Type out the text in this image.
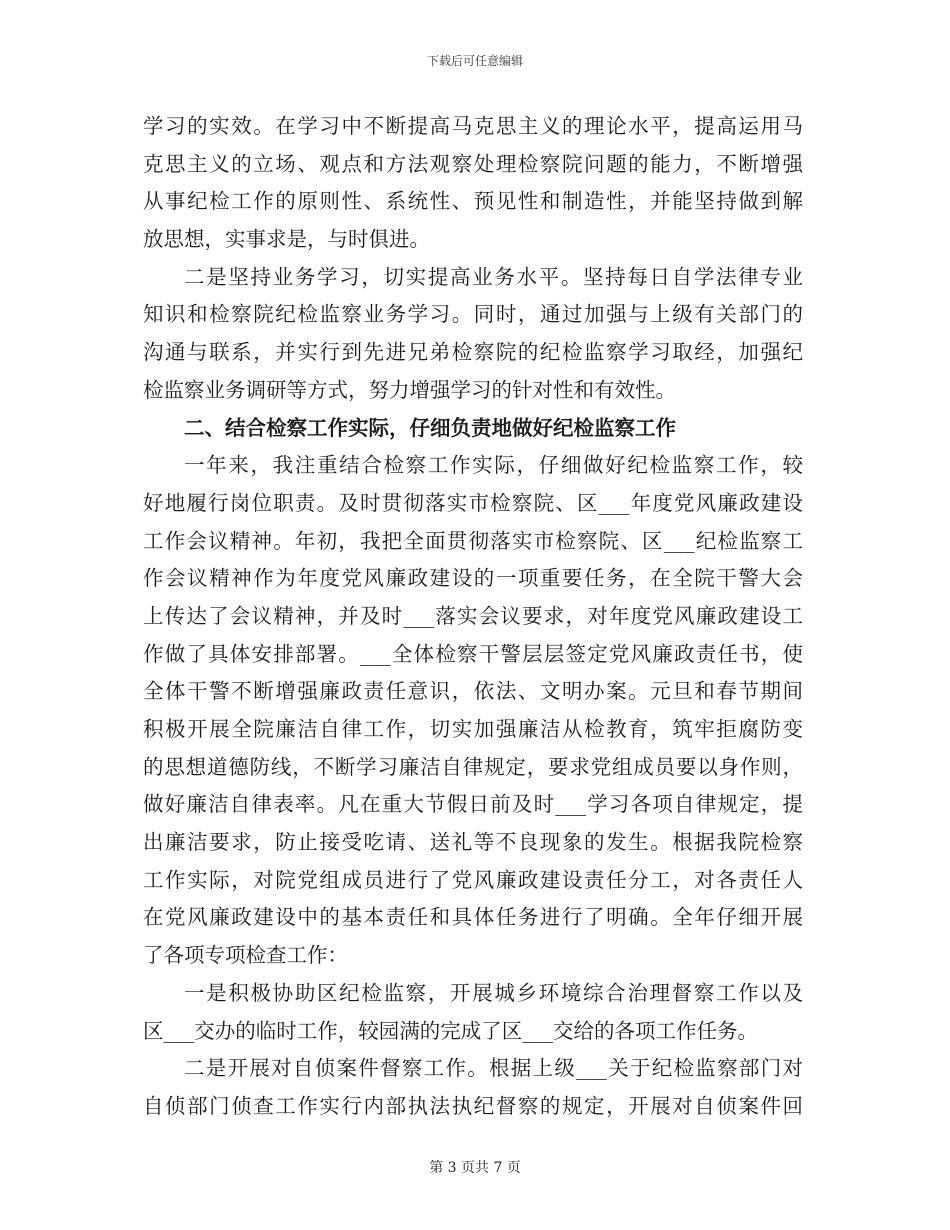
下载后可任意编辑
学习的实效。在学习中不断提高马克思主义的理论水平，提高运用马
克思主义的立场、观点和方法观察处理检察院问题的能力，不断增强
从事纪检工作的原则性、系统性、预见性和制造性，并能坚持做到解
放思想，实事求是，与时俱进。
二是坚持业务学习，切实提高业务水平。坚持每日自学法律专业
知识和检察院纪检监察业务学习。同时，通过加强与上级有关部门的
沟通与联系，并实行到先进兄弟检察院的纪检监察学习取经，加强纪
检监察业务调研等方式，努力增强学习的针对性和有效性。
二、结合检察工作实际，仔细负责地做好纪检监察工作
一年来，我注重结合检察工作实际，仔细做好纪检监察工作，较
好地履行岗位职责。及时贯彻落实市检察院、区___年度党风廉政建设
工作会议精神。年初，我把全面贯彻落实市检察院、区___纪检监察工
作会议精神作为年度党风廉政建设的一项重要任务，在全院干警大会
上传达了会议精神，并及时___落实会议要求，对年度党风廉政建设工
作做了具体安排部署。___全体检察干警层层签定党风廉政责任书，使
全体干警不断增强廉政责任意识，依法、文明办案。元旦和春节期间
积极开展全院廉洁自律工作，切实加强廉洁从检教育，筑牢拒腐防变
的思想道德防线，不断学习廉洁自律规定，要求党组成员要以身作则，
做好廉洁自律表率。凡在重大节假日前及时___学习各项自律规定，提
出廉洁要求，防止接受吃请、送礼等不良现象的发生。根据我院检察
工作实际，对院党组成员进行了党风廉政建设责任分工，对各责任人
在党风廉政建设中的基本责任和具体任务进行了明确。全年仔细开展
了各项专项检查工作：
一是积极协助区纪检监察，开展城乡环境综合治理督察工作以及
区___交办的临时工作，较园满的完成了区___交给的各项工作任务。
二是开展对自侦案件督察工作。根据上级___关于纪检监察部门对
自侦部门侦查工作实行内部执法执纪督察的规定，开展对自侦案件回
第 3 页共 7 页
